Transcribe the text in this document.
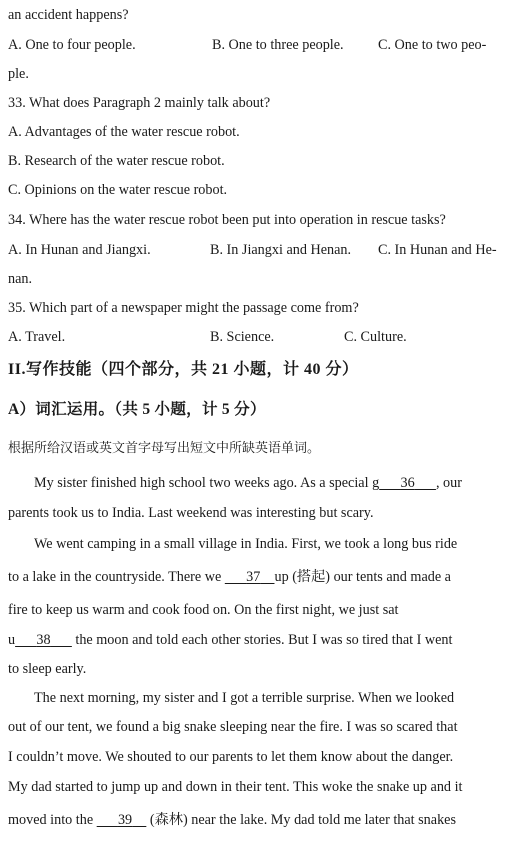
an accident happens?
A. One to four people.	B. One to three people. C. One to two peo-
ple.
33. What does Paragraph 2 mainly talk about?
A. Advantages of the water rescue robot.
B. Research of the water rescue robot.
C. Opinions on the water rescue robot.
34. Where has the water rescue robot been put into operation in rescue tasks?
A. In Hunan and Jiangxi.	B. In Jiangxi and Henan. C. In Hunan and He-
nan.
35. Which part of a newspaper might the passage come from?
A. Travel.	B. Science.	C. Culture.
II.写作技能（四个部分，共 21 小题，计 40 分）
A）词汇运用。（共 5 小题，计 5 分）
根据所给汉语或英文首字母写出短文中所缺英语单词。
My sister finished high school two weeks ago. As a special g    36    , our
parents took us to India. Last weekend was interesting but scary.
We went camping in a small village in India. First, we took a long bus ride
to a lake in the countryside. There we    37   up (搭起) our tents and made a
fire to keep us warm and cook food on. On the first night, we just sat
u    38    the moon and told each other stories. But I was so tired that I went
to sleep early.
The next morning, my sister and I got a terrible surprise. When we looked
out of our tent, we found a big snake sleeping near the fire. I was so scared that
I couldn’t move. We shouted to our parents to let them know about the danger.
My dad started to jump up and down in their tent. This woke the snake up and it
moved into the    39   (森林) near the lake. My dad told me later that snakes
